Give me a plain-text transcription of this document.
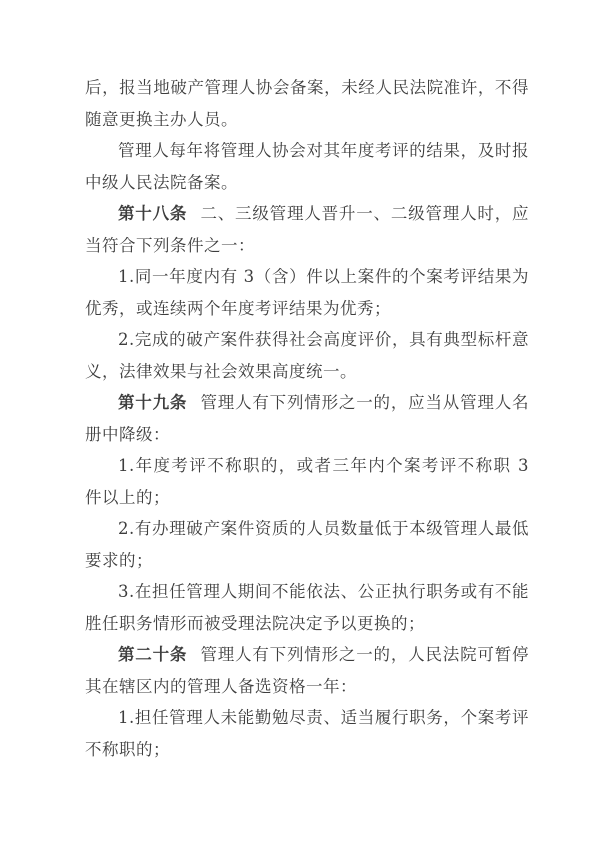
后，报当地破产管理人协会备案，未经人民法院准许，不得随意更换主办人员。

管理人每年将管理人协会对其年度考评的结果，及时报中级人民法院备案。

第十八条 二、三级管理人晋升一、二级管理人时，应当符合下列条件之一：

1.同一年度内有 3（含）件以上案件的个案考评结果为优秀，或连续两个年度考评结果为优秀；

2.完成的破产案件获得社会高度评价，具有典型标杆意义，法律效果与社会效果高度统一。

第十九条 管理人有下列情形之一的，应当从管理人名册中降级：

1.年度考评不称职的，或者三年内个案考评不称职 3 件以上的；

2.有办理破产案件资质的人员数量低于本级管理人最低要求的；

3.在担任管理人期间不能依法、公正执行职务或有不能胜任职务情形而被受理法院决定予以更换的；

第二十条 管理人有下列情形之一的，人民法院可暂停其在辖区内的管理人备选资格一年：

1.担任管理人未能勤勉尽责、适当履行职务，个案考评不称职的；
